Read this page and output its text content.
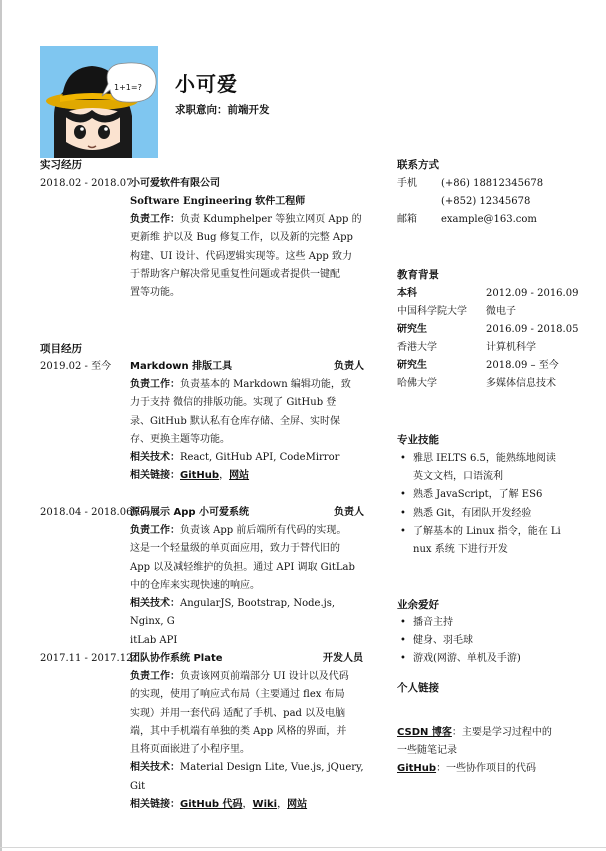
1+1=? 小可爱
求职意向：前端开发
实习经历
2018.02 - 2018.07
小可爱软件有限公司
Software Engineering 软件工程师
负责工作：负责 Kdumphelper 等独立网页 App 的
更新维 护以及 Bug 修复工作，以及新的完整 App
构建、UI 设计、代码逻辑实现等。这些 App 致力
于帮助客户解决常见重复性问题或者提供一键配
置等功能。
项目经历
2019.02 - 至今 Markdown 排版工具	负责人
负责工作：负责基本的 Markdown 编辑功能，致
力于支持 微信的排版功能。实现了 GitHub 登
录、GitHub 默认私有仓库存储、全屏、实时保
存、更换主题等功能。
相关技术：React, GitHub API, CodeMirror
相关链接：GitHub，网站
2018.04 - 2018.06
源码展示 App 小可爱系统	负责人
负责工作：负责该 App 前后端所有代码的实现。
这是一个轻量级的单页面应用，致力于替代旧的
App 以及减轻维护的负担。通过 API 调取 GitLab
中的仓库来实现快速的响应。
相关技术：AngularJS, Bootstrap, Node.js, Nginx, G
itLab API
2017.11 - 2017.12
团队协作系统 Plate	开发人员
负责工作：负责该网页前端部分 UI 设计以及代码
的实现，使用了响应式布局（主要通过 flex 布局
实现）并用一套代码 适配了手机、pad 以及电脑
端，其中手机端有单独的类 App 风格的界面，并
且将页面嵌进了小程序里。
相关技术：Material Design Lite, Vue.js, jQuery, Git
相关链接：GitHub 代码，Wiki，网站
联系方式
手机 (+86) 18812345678
(+852) 12345678
邮箱 example@163.com
教育背景
本科	2012.09 - 2016.09
中国科学院大学 微电子
研究生	2016.09 - 2018.05
香港大学	计算机科学
研究生	2018.09 – 至今
哈佛大学	多媒体信息技术
专业技能
• 雅思 IELTS 6.5，能熟练地阅读
英文文档，口语流利
• 熟悉 JavaScript，了解 ES6
• 熟悉 Git，有团队开发经验
• 了解基本的 Linux 指令，能在 Li
nux 系统 下进行开发
业余爱好
• 播音主持
• 健身、羽毛球
• 游戏(网游、单机及手游)
个人链接
CSDN 博客：主要是学习过程中的
一些随笔记录
GitHub：一些协作项目的代码
